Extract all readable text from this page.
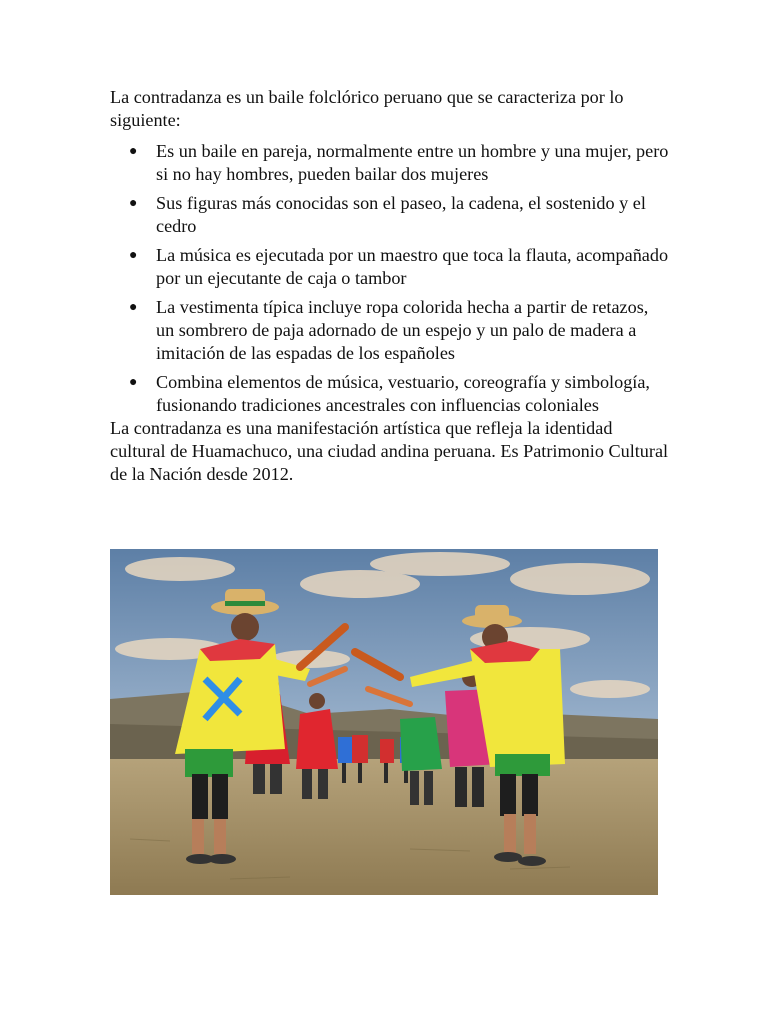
La contradanza es un baile folclórico peruano que se caracteriza por lo siguiente:

● Es un baile en pareja, normalmente entre un hombre y una mujer, pero si no hay hombres, pueden bailar dos mujeres
● Sus figuras más conocidas son el paseo, la cadena, el sostenido y el cedro
● La música es ejecutada por un maestro que toca la flauta, acompañado por un ejecutante de caja o tambor
● La vestimenta típica incluye ropa colorida hecha a partir de retazos, un sombrero de paja adornado de un espejo y un palo de madera a imitación de las espadas de los españoles
● Combina elementos de música, vestuario, coreografía y simbología, fusionando tradiciones ancestrales con influencias coloniales

La contradanza es una manifestación artística que refleja la identidad cultural de Huamachuco, una ciudad andina peruana. Es Patrimonio Cultural de la Nación desde 2012.
